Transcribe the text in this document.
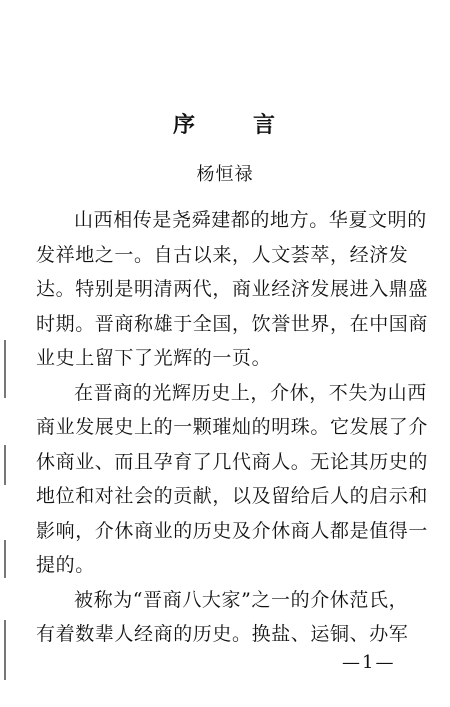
序	言
杨恒禄
山西相传是尧舜建都的地方。华夏文明的
发祥地之一。自古以来，人文荟萃，经济发
达。特别是明清两代，商业经济发展进入鼎盛
时期。晋商称雄于全国，饮誉世界，在中国商
业史上留下了光辉的一页。
在晋商的光辉历史上，介休，不失为山西
商业发展史上的一颗璀灿的明珠。它发展了介
休商业、而且孕育了几代商人。无论其历史的
地位和对社会的贡献，以及留给后人的启示和
影响，介休商业的历史及介休商人都是值得一
提的。
被称为“晋商八大家”之一的介休范氏，
有着数辈人经商的历史。换盐、运铜、办军
—1—
